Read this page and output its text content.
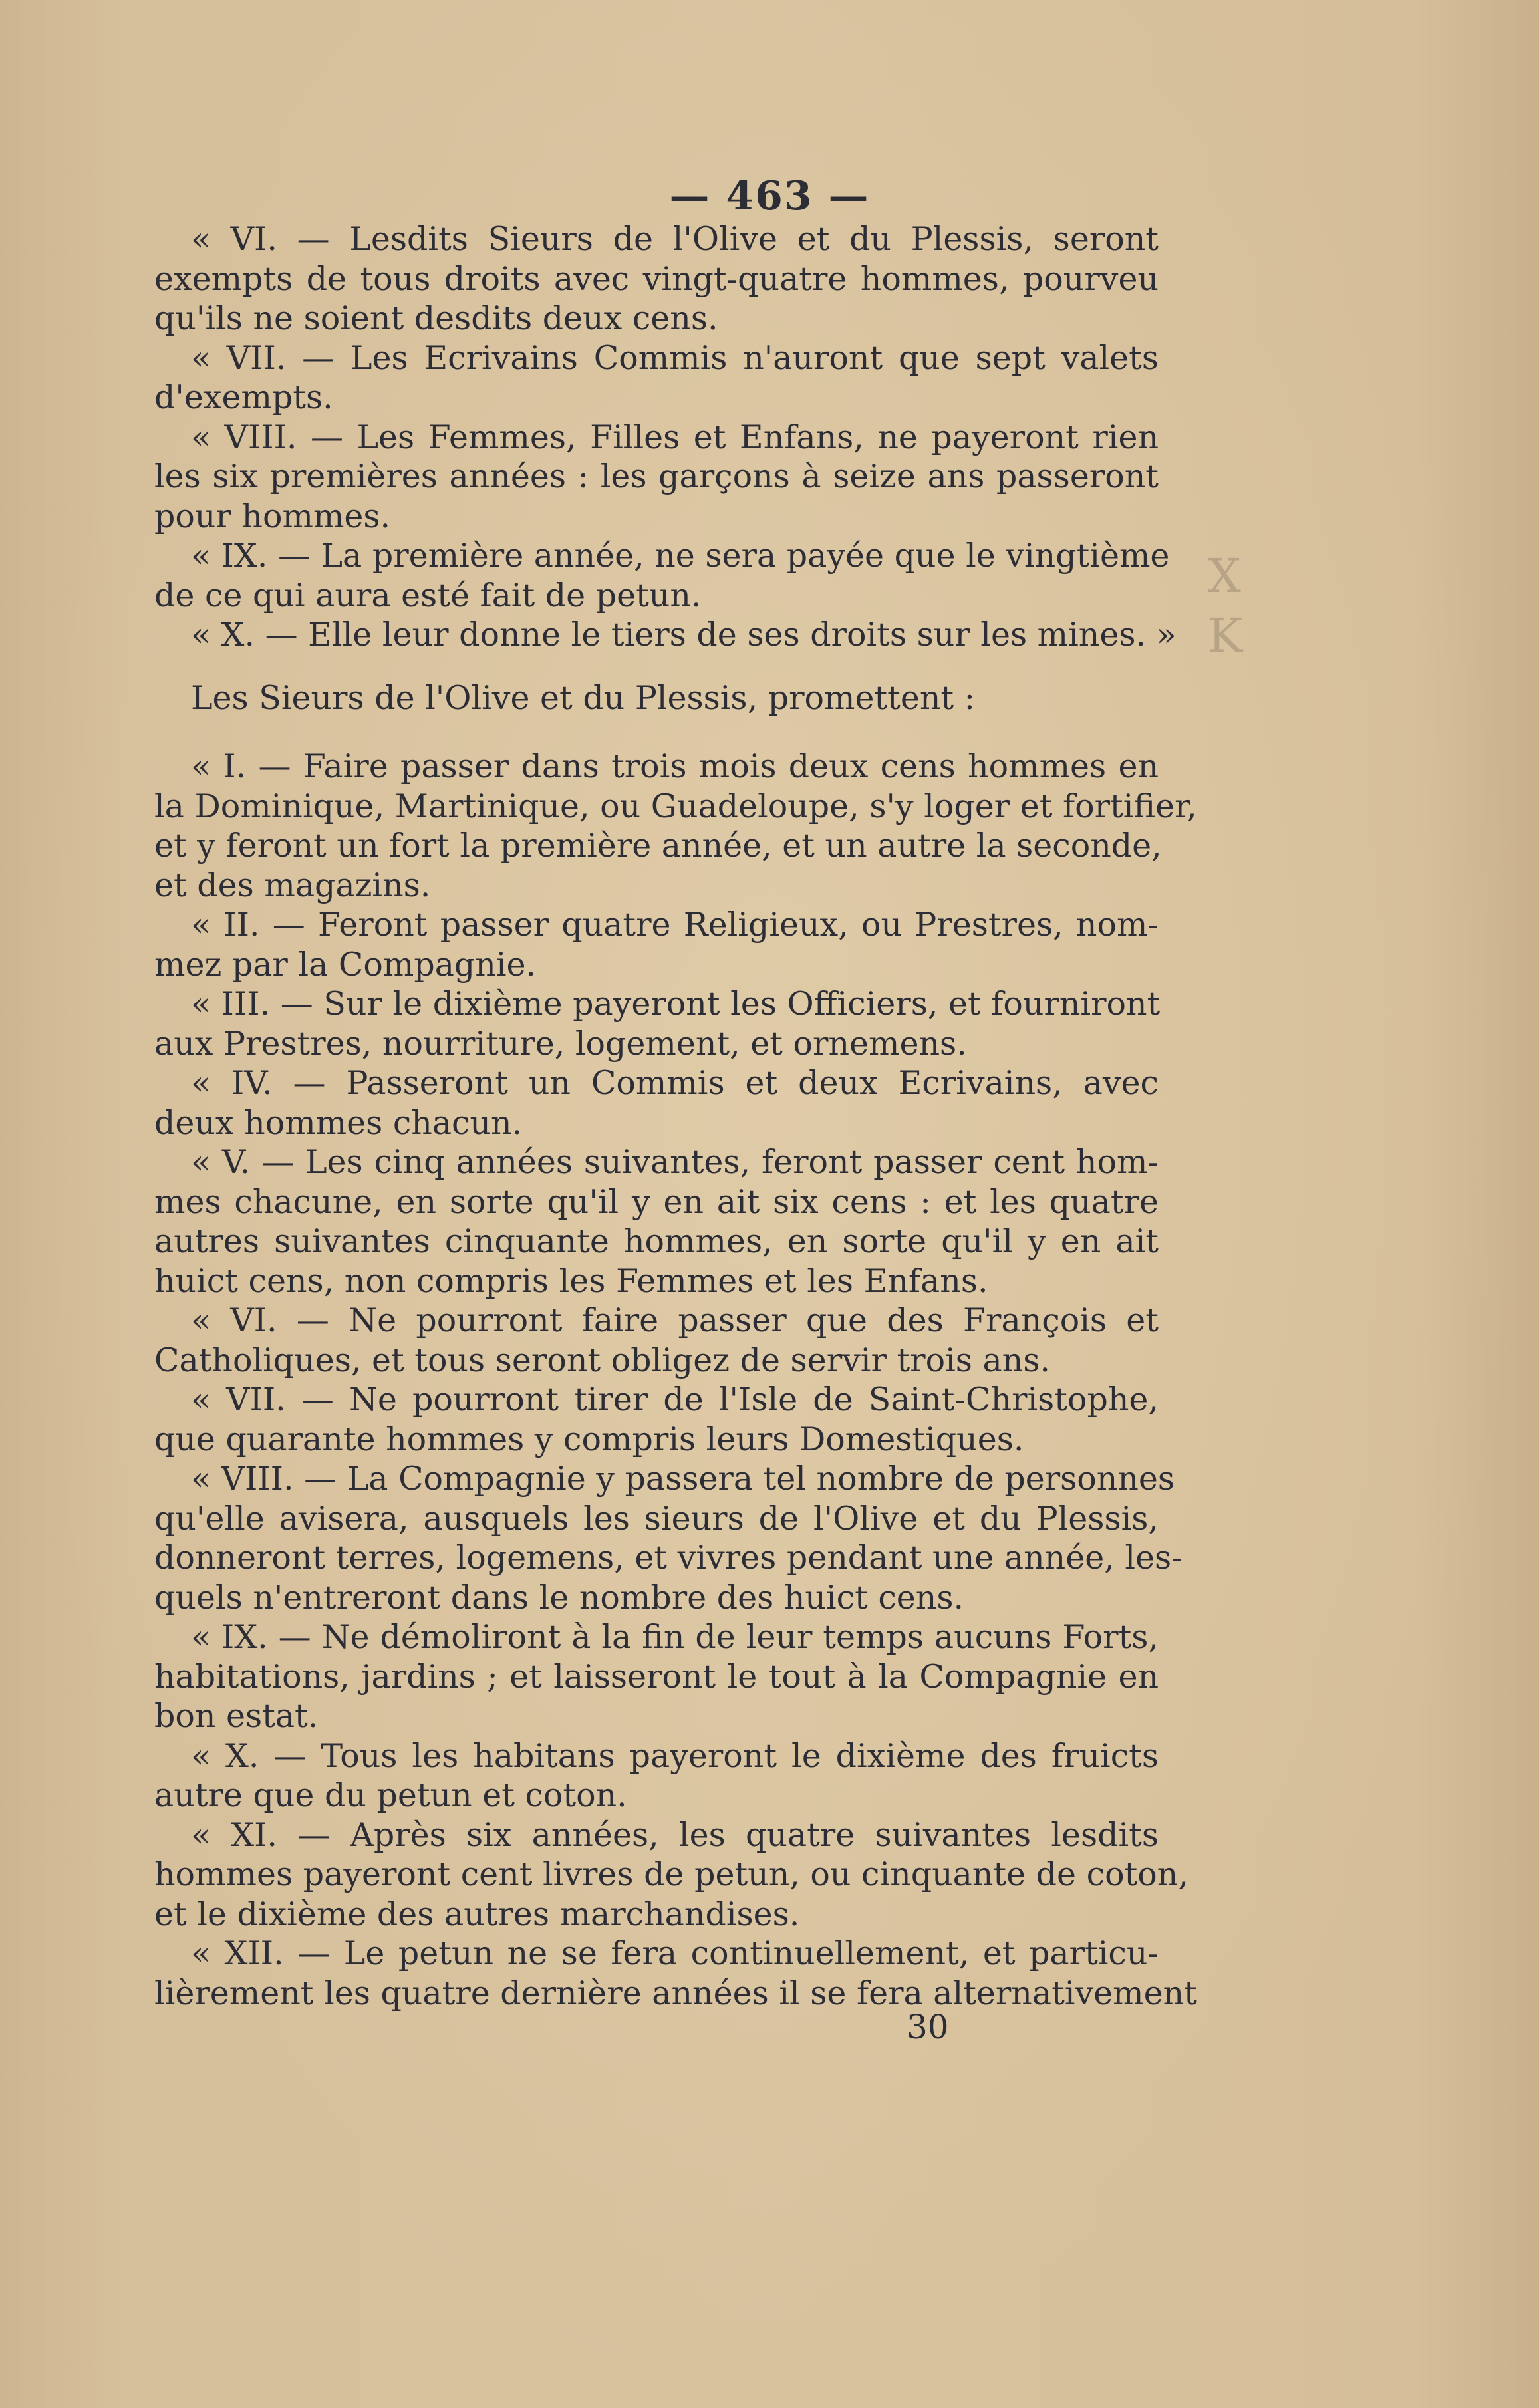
— 463 —
« VI. — Lesdits Sieurs de l'Olive et du Plessis, seront
exempts de tous droits avec vingt-quatre hommes, pourveu
qu'ils ne soient desdits deux cens.
« VII. — Les Ecrivains Commis n'auront que sept valets
d'exempts.
« VIII. — Les Femmes, Filles et Enfans, ne payeront rien
les six premières années : les garçons à seize ans passeront
pour hommes.
« IX. — La première année, ne sera payée que le vingtième
de ce qui aura esté fait de petun.
« X. — Elle leur donne le tiers de ses droits sur les mines. »
Les Sieurs de l'Olive et du Plessis, promettent :
« I. — Faire passer dans trois mois deux cens hommes en
la Dominique, Martinique, ou Guadeloupe, s'y loger et fortifier,
et y feront un fort la première année, et un autre la seconde,
et des magazins.
« II. — Feront passer quatre Religieux, ou Prestres, nom-
mez par la Compagnie.
« III. — Sur le dixième payeront les Officiers, et fourniront
aux Prestres, nourriture, logement, et ornemens.
« IV. — Passeront un Commis et deux Ecrivains, avec
deux hommes chacun.
« V. — Les cinq années suivantes, feront passer cent hom-
mes chacune, en sorte qu'il y en ait six cens : et les quatre
autres suivantes cinquante hommes, en sorte qu'il y en ait
huict cens, non compris les Femmes et les Enfans.
« VI. — Ne pourront faire passer que des François et
Catholiques, et tous seront obligez de servir trois ans.
« VII. — Ne pourront tirer de l'Isle de Saint-Christophe,
que quarante hommes y compris leurs Domestiques.
« VIII. — La Compagnie y passera tel nombre de personnes
qu'elle avisera, ausquels les sieurs de l'Olive et du Plessis,
donneront terres, logemens, et vivres pendant une année, les-
quels n'entreront dans le nombre des huict cens.
« IX. — Ne démoliront à la fin de leur temps aucuns Forts,
habitations, jardins ; et laisseront le tout à la Compagnie en
bon estat.
« X. — Tous les habitans payeront le dixième des fruicts
autre que du petun et coton.
« XI. — Après six années, les quatre suivantes lesdits
hommes payeront cent livres de petun, ou cinquante de coton,
et le dixième des autres marchandises.
« XII. — Le petun ne se fera continuellement, et particu-
lièrement les quatre dernière années il se fera alternativement
X
K
30
